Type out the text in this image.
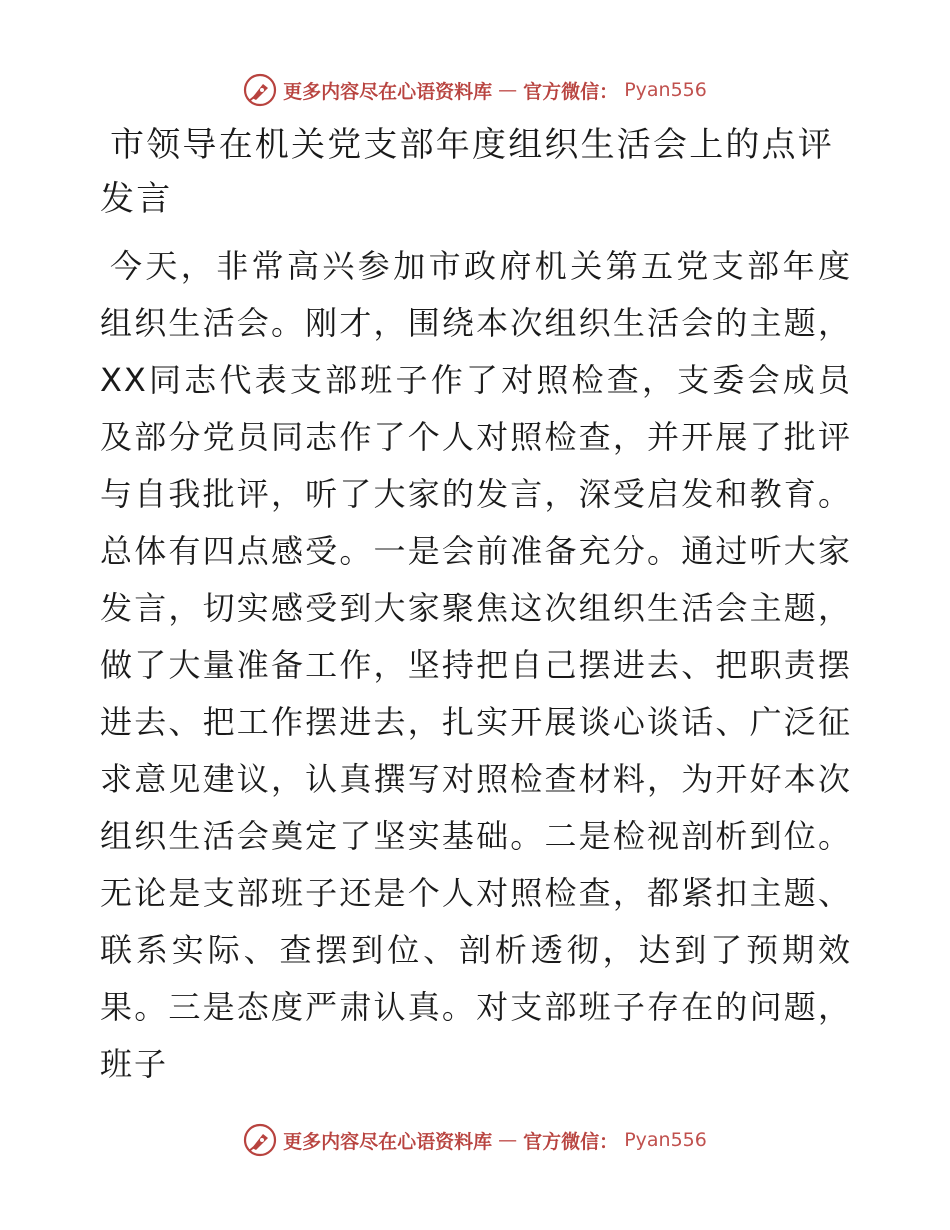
更多内容尽在心语资料库 — 官方微信： Pyan556
市领导在机关党支部年度组织生活会上的点评发言

今天，非常高兴参加市政府机关第五党支部年度组织生活会。刚才，围绕本次组织生活会的主题，XX同志代表支部班子作了对照检查，支委会成员及部分党员同志作了个人对照检查，并开展了批评与自我批评，听了大家的发言，深受启发和教育。总体有四点感受。一是会前准备充分。通过听大家发言，切实感受到大家聚焦这次组织生活会主题，做了大量准备工作，坚持把自己摆进去、把职责摆进去、把工作摆进去，扎实开展谈心谈话、广泛征求意见建议，认真撰写对照检查材料，为开好本次组织生活会奠定了坚实基础。二是检视剖析到位。无论是支部班子还是个人对照检查，都紧扣主题、联系实际、查摆到位、剖析透彻，达到了预期效果。三是态度严肃认真。对支部班子存在的问题，班子

更多内容尽在心语资料库 — 官方微信： Pyan556
